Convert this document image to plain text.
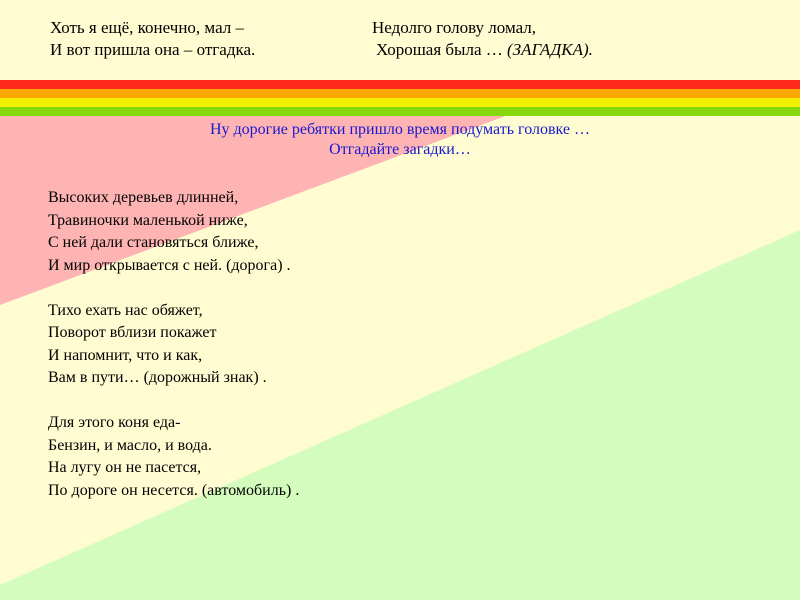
Хоть я ещё, конечно, мал –
И вот пришла она – отгадка.
Недолго голову ломал,
Хорошая была … (ЗАГАДКА).
Ну дорогие ребятки пришло время подумать головке …
Отгадайте загадки…
Высоких деревьев длинней,
Травиночки маленькой ниже,
С ней дали становяться ближе,
И мир открывается с ней. (дорога) .
Тихо ехать нас обяжет,
Поворот вблизи покажет
И напомнит, что и как,
Вам в пути… (дорожный знак) .
Для этого коня еда-
Бензин, и масло, и вода.
На лугу он не пасется,
По дороге он несется. (автомобиль) .
